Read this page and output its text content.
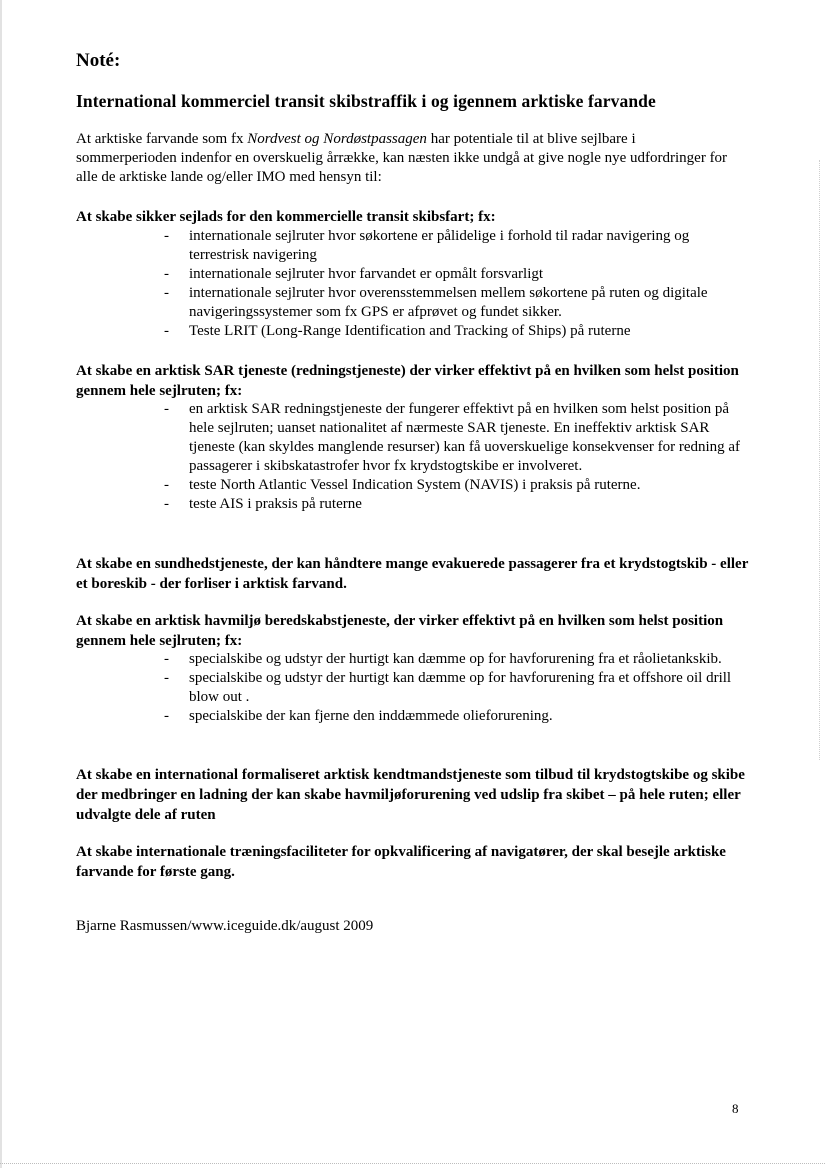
Noté:
International kommerciel transit skibstraffik i og igennem arktiske farvande
At arktiske farvande som fx Nordvest og Nordøstpassagen har potentiale til at blive sejlbare i sommerperioden indenfor en overskuelig årrække, kan næsten ikke undgå at give nogle nye udfordringer for alle de arktiske lande og/eller IMO med hensyn til:
At skabe sikker sejlads for den kommercielle transit skibsfart; fx:
- internationale sejlruter hvor søkortene er pålidelige i forhold til radar navigering og terrestrisk navigering
- internationale sejlruter hvor farvandet er opmålt forsvarligt
- internationale sejlruter hvor overensstemmelsen mellem søkortene på ruten og digitale navigeringssystemer som fx GPS er afprøvet og fundet sikker.
- Teste LRIT (Long-Range Identification and Tracking of Ships) på ruterne
At skabe en arktisk SAR tjeneste (redningstjeneste) der virker effektivt på en hvilken som helst position gennem hele sejlruten; fx:
- en arktisk SAR redningstjeneste der fungerer effektivt på en hvilken som helst position på hele sejlruten; uanset nationalitet af nærmeste SAR tjeneste. En ineffektiv arktisk SAR tjeneste (kan skyldes manglende resurser) kan få uoverskuelige konsekvenser for redning af passagerer i skibskatastrofer hvor fx krydstogtskibe er involveret.
- teste North Atlantic Vessel Indication System (NAVIS) i praksis på ruterne.
- teste AIS i praksis på ruterne
At skabe en sundhedstjeneste, der kan håndtere mange evakuerede passagerer fra et krydstogtskib - eller et boreskib - der forliser i arktisk farvand.
At skabe en arktisk havmiljø beredskabstjeneste, der virker effektivt på en hvilken som helst position gennem hele sejlruten; fx:
- specialskibe og udstyr der hurtigt kan dæmme op for havforurening fra et råolietankskib.
- specialskibe og udstyr der hurtigt kan dæmme op for havforurening fra et offshore oil drill blow out .
- specialskibe der kan fjerne den inddæmmede olieforurening.
At skabe en international formaliseret arktisk kendtmandstjeneste som tilbud til krydstogtskibe og skibe der medbringer en ladning der kan skabe havmiljøforurening ved udslip fra skibet – på hele ruten; eller udvalgte dele af ruten
At skabe internationale træningsfaciliteter for opkvalificering af navigatører, der skal besejle arktiske farvande for første gang.
Bjarne Rasmussen/www.iceguide.dk/august 2009
8
